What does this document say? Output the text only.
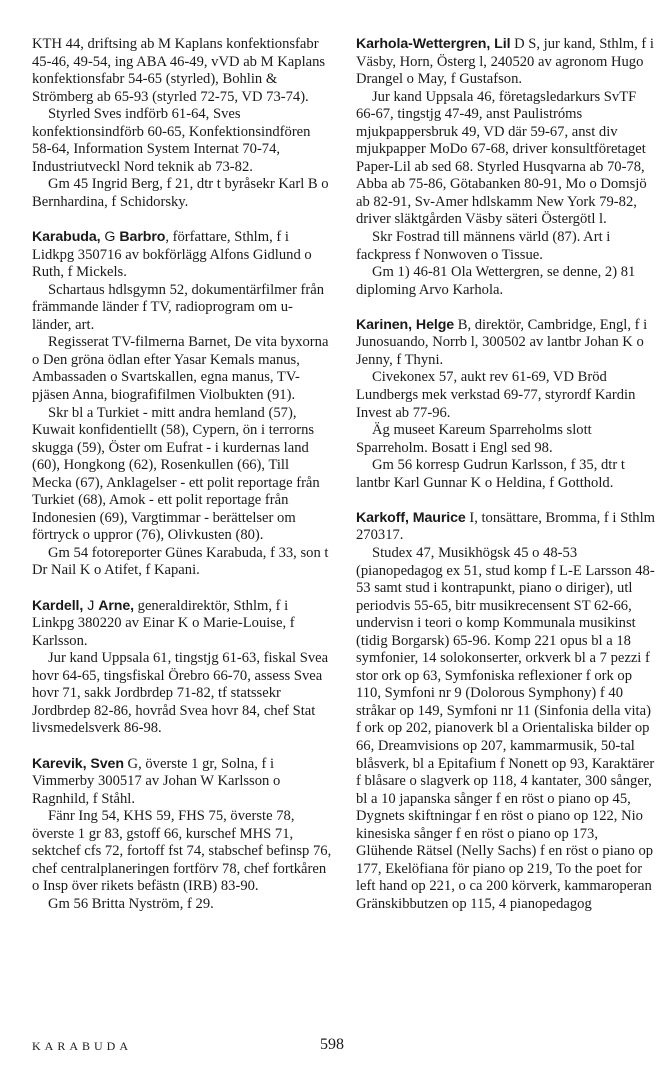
KTH 44, driftsing ab M Kaplans konfektionsfabr 45-46, 49-54, ing ABA 46-49, vVD ab M Kaplans konfektionsfabr 54-65 (styrled), Bohlin & Strömberg ab 65-93 (styrled 72-75, VD 73-74).

Styrled Sves indförb 61-64, Sves konfektionsindförb 60-65, Konfektionsindfören 58-64, Information System Internat 70-74, Industriutveckl Nord teknik ab 73-82.

Gm 45 Ingrid Berg, f 21, dtr t byråsekr Karl B o Bernhardina, f Schidorsky.

Karabuda, G Barbro, författare, Sthlm, f i Lidkpg 350716 av bokförlägg Alfons Gidlund o Ruth, f Mickels.

Schartaus hdlsgymn 52, dokumentärfilmer från främmande länder f TV, radioprogram om u-länder, art.

Regisserat TV-filmerna Barnet, De vita byxorna o Den gröna ödlan efter Yasar Kemals manus, Ambassaden o Svartskallen, egna manus, TV-pjäsen Anna, biografifilmen Violbukten (91).

Skr bl a Turkiet - mitt andra hemland (57), Kuwait konfidentiellt (58), Cypern, ön i terrorns skugga (59), Öster om Eufrat - i kurdernas land (60), Hongkong (62), Rosenkullen (66), Till Mecka (67), Anklagelser - ett polit reportage från Turkiet (68), Amok - ett polit reportage från Indonesien (69), Vargtimmar - berättelser om förtryck o uppror (76), Olivkusten (80).

Gm 54 fotoreporter Günes Karabuda, f 33, son t Dr Nail K o Atifet, f Kapani.

Kardell, J Arne, generaldirektör, Sthlm, f i Linkpg 380220 av Einar K o Marie-Louise, f Karlsson.

Jur kand Uppsala 61, tingstjg 61-63, fiskal Svea hovr 64-65, tingsfiskal Örebro 66-70, assess Svea hovr 71, sakk Jordbrdep 71-82, tf statssekr Jordbrdep 82-86, hovråd Svea hovr 84, chef Stat livsmedelsverk 86-98.

Karevik, Sven G, överste 1 gr, Solna, f i Vimmerby 300517 av Johan W Karlsson o Ragnhild, f Ståhl.

Fänr Ing 54, KHS 59, FHS 75, överste 78, överste 1 gr 83, gstoff 66, kurschef MHS 71, sektchef cfs 72, fortoff fst 74, stabschef befinsp 76, chef centralplaneringen fortförv 78, chef fortkåren o Insp över rikets befästn (IRB) 83-90.

Gm 56 Britta Nyström, f 29.

Karhola-Wettergren, Lil D S, jur kand, Sthlm, f i Väsby, Horn, Österg l, 240520 av agronom Hugo Drangel o May, f Gustafson.

Jur kand Uppsala 46, företagsledarkurs SvTF 66-67, tingstjg 47-49, anst Paulistróms mjukpappersbruk 49, VD där 59-67, anst div mjukpapper MoDo 67-68, driver konsultföretaget Paper-Lil ab sed 68. Styrled Husqvarna ab 70-78, Abba ab 75-86, Götabanken 80-91, Mo o Domsjö ab 82-91, Sv-Amer hdlskamm New York 79-82, driver släktgården Väsby säteri Östergötl l.

Skr Fostrad till männens värld (87). Art i fackpress f Nonwoven o Tissue.

Gm 1) 46-81 Ola Wettergren, se denne, 2) 81 diploming Arvo Karhola.

Karinen, Helge B, direktör, Cambridge, Engl, f i Junosuando, Norrb l, 300502 av lantbr Johan K o Jenny, f Thyni.

Civekonex 57, aukt rev 61-69, VD Bröd Lundbergs mek verkstad 69-77, styrordf Kardin Invest ab 77-96.

Äg museet Kareum Sparreholms slott Sparreholm. Bosatt i Engl sed 98.

Gm 56 korresp Gudrun Karlsson, f 35, dtr t lantbr Karl Gunnar K o Heldina, f Gotthold.

Karkoff, Maurice I, tonsättare, Bromma, f i Sthlm 270317.

Studex 47, Musikhögsk 45 o 48-53 (pianopedagog ex 51, stud komp f L-E Larsson 48-53 samt stud i kontrapunkt, piano o diriger), utl periodvis 55-65, bitr musikrecensent ST 62-66, undervisn i teori o komp Kommunala musikinst (tidig Borgarsk) 65-96. Komp 221 opus bl a 18 symfonier, 14 solokonserter, orkverk bl a 7 pezzi f stor ork op 63, Symfoniska reflexioner f ork op 110, Symfoni nr 9 (Dolorous Symphony) f 40 stråkar op 149, Symfoni nr 11 (Sinfonia della vita) f ork op 202, pianoverk bl a Orientaliska bilder op 66, Dreamvisions op 207, kammarmusik, 50-tal blåsverk, bl a Epitafium f Nonett op 93, Karaktärer f blåsare o slagverk op 118, 4 kantater, 300 sånger, bl a 10 japanska sånger f en röst o piano op 45, Dygnets skiftningar f en röst o piano op 122, Nio kinesiska sånger f en röst o piano op 173, Glühende Rätsel (Nelly Sachs) f en röst o piano op 177, Ekelöfiana för piano op 219, To the poet for left hand op 221, o ca 200 körverk, kammaroperan Gränskibbutzen op 115, 4 pianopedagog

KARABUDA	598
